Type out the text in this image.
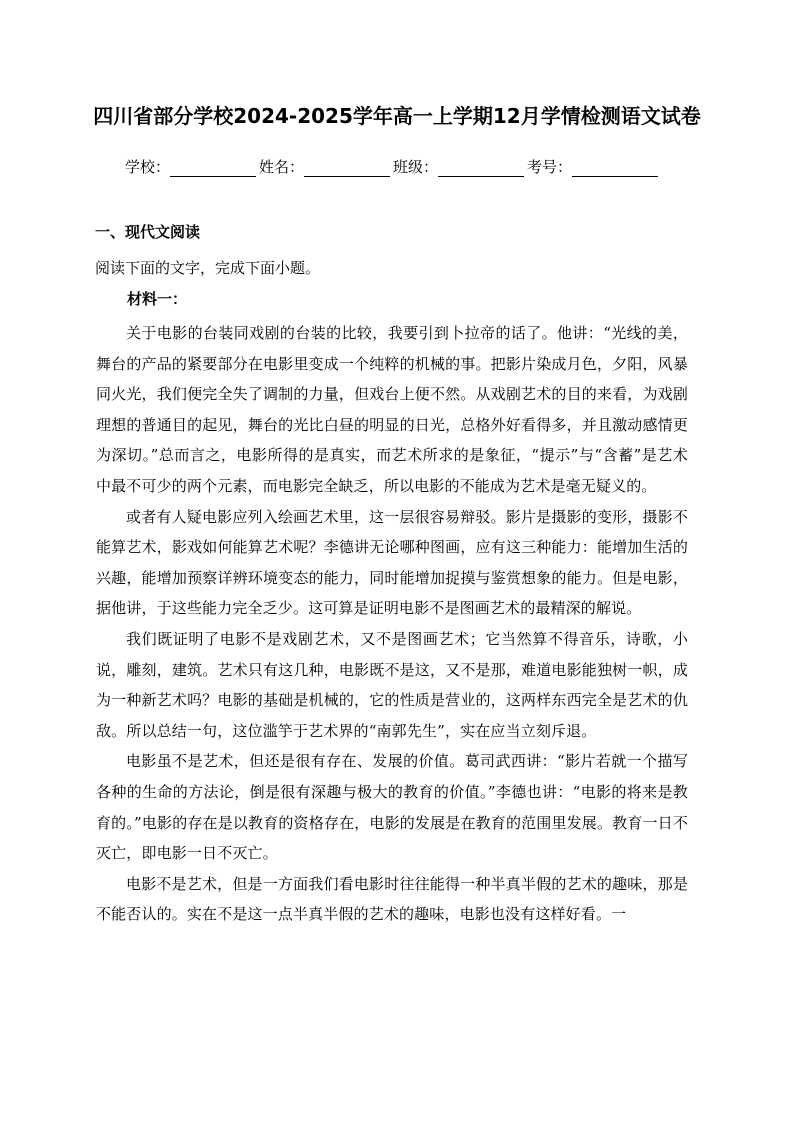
四川省部分学校2024-2025学年高一上学期12月学情检测语文试卷
学校：	姓名：	班级：	考号：
一、现代文阅读
阅读下面的文字，完成下面小题。
材料一：

关于电影的台装同戏剧的台装的比较，我要引到卜拉帝的话了。他讲：“光线的美，舞台的产品的紧要部分在电影里变成一个纯粹的机械的事。把影片染成月色，夕阳，风暴同火光，我们便完全失了调制的力量，但戏台上便不然。从戏剧艺术的目的来看，为戏剧理想的普通目的起见，舞台的光比白昼的明显的日光，总格外好看得多，并且激动感情更为深切。”总而言之，电影所得的是真实，而艺术所求的是象征，“提示”与“含蓄”是艺术中最不可少的两个元素，而电影完全缺乏，所以电影的不能成为艺术是毫无疑义的。

或者有人疑电影应列入绘画艺术里，这一层很容易辩驳。影片是摄影的变形，摄影不能算艺术，影戏如何能算艺术呢？李德讲无论哪种图画，应有这三种能力：能增加生活的兴趣，能增加预察详辨环境变态的能力，同时能增加捉摸与鉴赏想象的能力。但是电影，据他讲，于这些能力完全乏少。这可算是证明电影不是图画艺术的最精深的解说。

我们既证明了电影不是戏剧艺术，又不是图画艺术；它当然算不得音乐，诗歌，小说，雕刻，建筑。艺术只有这几种，电影既不是这，又不是那，难道电影能独树一帜，成为一种新艺术吗？电影的基础是机械的，它的性质是营业的，这两样东西完全是艺术的仇敌。所以总结一句，这位滥竽于艺术界的“南郭先生”，实在应当立刻斥退。

电影虽不是艺术，但还是很有存在、发展的价值。葛司武西讲：“影片若就一个描写各种的生命的方法论，倒是很有深趣与极大的教育的价值。”李德也讲：“电影的将来是教育的。”电影的存在是以教育的资格存在，电影的发展是在教育的范围里发展。教育一日不灭亡，即电影一日不灭亡。

电影不是艺术，但是一方面我们看电影时往往能得一种半真半假的艺术的趣味，那是不能否认的。实在不是这一点半真半假的艺术的趣味，电影也没有这样好看。一
